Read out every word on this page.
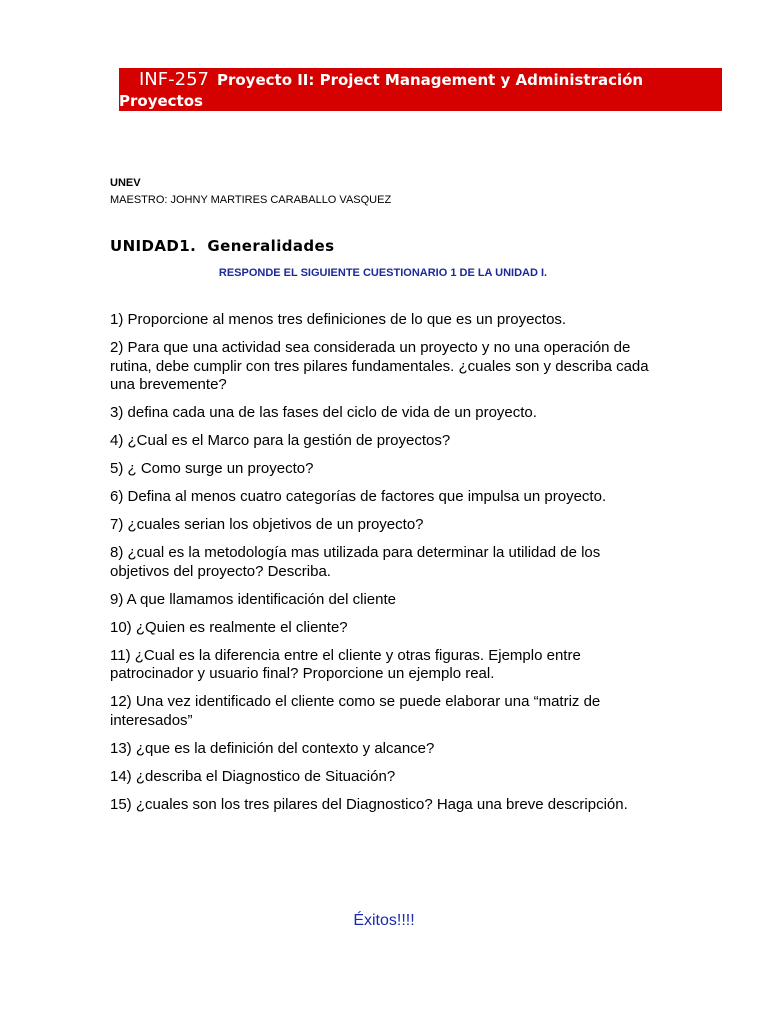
INF-257 Proyecto II: Project Management y Administración
Proyectos
UNEV
MAESTRO: JOHNY MARTIRES CARABALLO VASQUEZ
UNIDAD1.  Generalidades
RESPONDE EL SIGUIENTE CUESTIONARIO 1 DE LA UNIDAD I.
1) Proporcione al menos tres definiciones de lo que es un proyectos.
2) Para que una actividad sea considerada un proyecto y no una operación de rutina, debe cumplir con tres pilares fundamentales. ¿cuales son y describa cada una brevemente?
3) defina cada una de las fases del ciclo de vida de un proyecto.
4) ¿Cual es el Marco para la gestión de proyectos?
5) ¿ Como surge un proyecto?
6) Defina al menos cuatro categorías de factores que impulsa un proyecto.
7) ¿cuales serian los objetivos de un proyecto?
8) ¿cual es la metodología mas utilizada para determinar la utilidad de los objetivos del proyecto? Describa.
9) A que llamamos identificación del cliente
10) ¿Quien es realmente el cliente?
11) ¿Cual es la diferencia entre el cliente y otras figuras. Ejemplo entre patrocinador y usuario final? Proporcione un ejemplo real.
12) Una vez identificado el cliente como se puede elaborar una “matriz de interesados”
13) ¿que es la definición del contexto y alcance?
14) ¿describa el Diagnostico de Situación?
15) ¿cuales son los tres pilares del Diagnostico? Haga una breve descripción.
Éxitos!!!!
